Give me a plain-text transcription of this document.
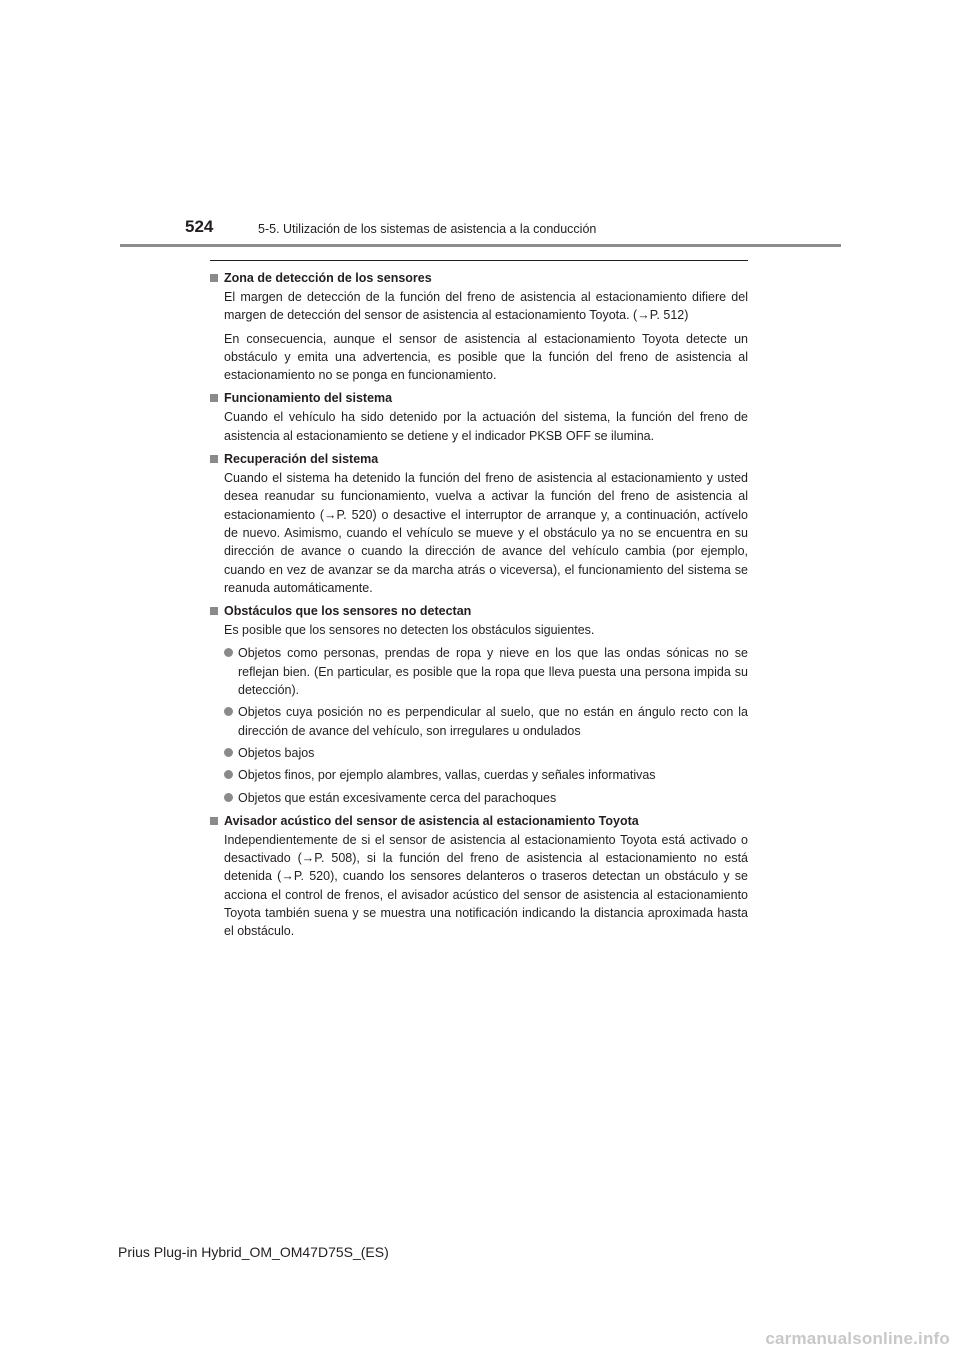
524	5-5. Utilización de los sistemas de asistencia a la conducción
Zona de detección de los sensores

El margen de detección de la función del freno de asistencia al estacionamiento difiere del margen de detección del sensor de asistencia al estacionamiento Toyota. (→P. 512)

En consecuencia, aunque el sensor de asistencia al estacionamiento Toyota detecte un obstáculo y emita una advertencia, es posible que la función del freno de asistencia al estacionamiento no se ponga en funcionamiento.

Funcionamiento del sistema

Cuando el vehículo ha sido detenido por la actuación del sistema, la función del freno de asistencia al estacionamiento se detiene y el indicador PKSB OFF se ilumina.

Recuperación del sistema

Cuando el sistema ha detenido la función del freno de asistencia al estacionamiento y usted desea reanudar su funcionamiento, vuelva a activar la función del freno de asistencia al estacionamiento (→P. 520) o desactive el interruptor de arranque y, a continuación, actívelo de nuevo. Asimismo, cuando el vehículo se mueve y el obstáculo ya no se encuentra en su dirección de avance o cuando la dirección de avance del vehículo cambia (por ejemplo, cuando en vez de avanzar se da marcha atrás o viceversa), el funcionamiento del sistema se reanuda automáticamente.

Obstáculos que los sensores no detectan

Es posible que los sensores no detecten los obstáculos siguientes.

Objetos como personas, prendas de ropa y nieve en los que las ondas sónicas no se reflejan bien. (En particular, es posible que la ropa que lleva puesta una persona impida su detección).
Objetos cuya posición no es perpendicular al suelo, que no están en ángulo recto con la dirección de avance del vehículo, son irregulares u ondulados
Objetos bajos
Objetos finos, por ejemplo alambres, vallas, cuerdas y señales informativas
Objetos que están excesivamente cerca del parachoques
Avisador acústico del sensor de asistencia al estacionamiento Toyota

Independientemente de si el sensor de asistencia al estacionamiento Toyota está activado o desactivado (→P. 508), si la función del freno de asistencia al estacionamiento no está detenida (→P. 520), cuando los sensores delanteros o traseros detectan un obstáculo y se acciona el control de frenos, el avisador acústico del sensor de asistencia al estacionamiento Toyota también suena y se muestra una notificación indicando la distancia aproximada hasta el obstáculo.

Prius Plug-in Hybrid_OM_OM47D75S_(ES)
carmanualsonline.info
